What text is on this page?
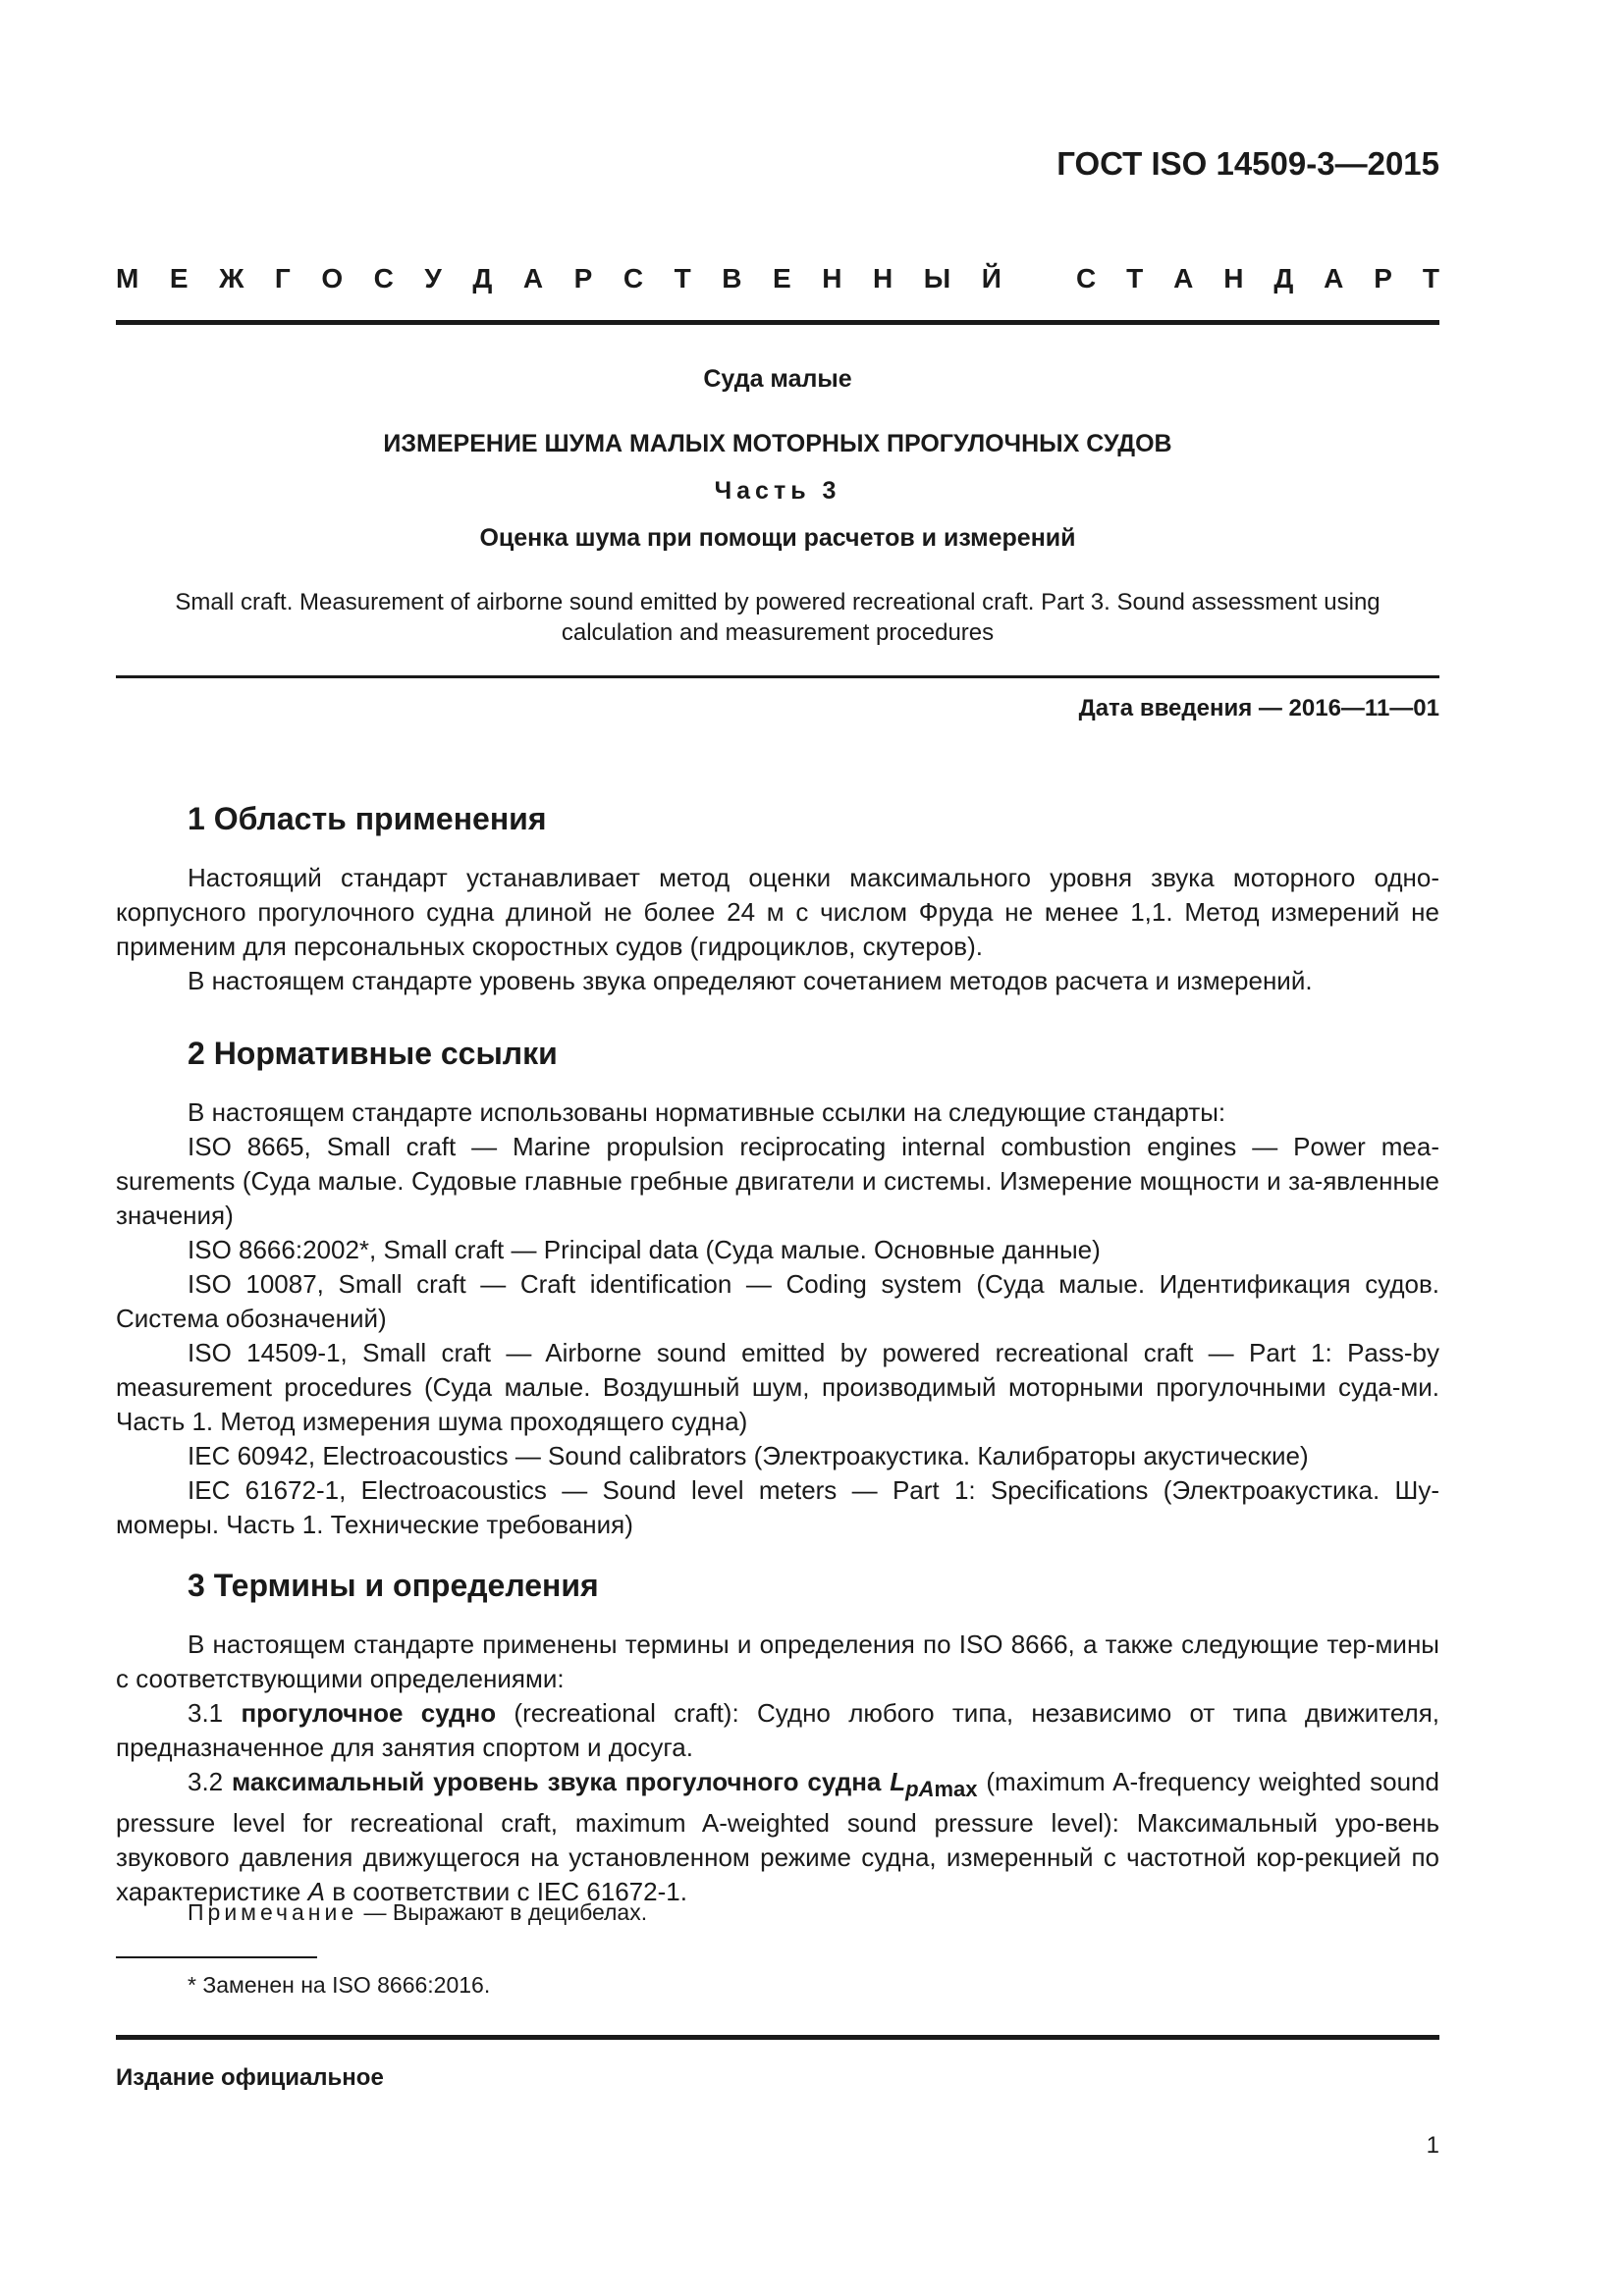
ГОСТ ISO 14509-3—2015
М Е Ж Г О С У Д А Р С Т В Е Н Н Ы Й	С Т А Н Д А Р Т
Суда малые
ИЗМЕРЕНИЕ ШУМА МАЛЫХ МОТОРНЫХ ПРОГУЛОЧНЫХ СУДОВ
Часть 3
Оценка шума при помощи расчетов и измерений
Small craft. Measurement of airborne sound emitted by powered recreational craft. Part 3. Sound assessment using
calculation and measurement procedures
Дата введения — 2016—11—01
1 Область применения

Настоящий стандарт устанавливает метод оценки максимального уровня звука моторного одно-корпусного прогулочного судна длиной не более 24 м с числом Фруда не менее 1,1. Метод измерений не применим для персональных скоростных судов (гидроциклов, скутеров).

В настоящем стандарте уровень звука определяют сочетанием методов расчета и измерений.

2 Нормативные ссылки

В настоящем стандарте использованы нормативные ссылки на следующие стандарты:

ISO 8665, Small craft — Marine propulsion reciprocating internal combustion engines — Power mea-surements (Суда малые. Судовые главные гребные двигатели и системы. Измерение мощности и за-явленные значения)

ISO 8666:2002*, Small craft — Principal data (Суда малые. Основные данные)

ISO 10087, Small craft — Craft identification — Coding system (Суда малые. Идентификация судов. Система обозначений)

ISO 14509-1, Small craft — Airborne sound emitted by powered recreational craft — Part 1: Pass-by measurement procedures (Суда малые. Воздушный шум, производимый моторными прогулочными суда-ми. Часть 1. Метод измерения шума проходящего судна)

IEC 60942, Electroacoustics — Sound calibrators (Электроакустика. Калибраторы акустические)

IEC 61672-1, Electroacoustics — Sound level meters — Part 1: Specifications (Электроакустика. Шу-момеры. Часть 1. Технические требования)

3 Термины и определения

В настоящем стандарте применены термины и определения по ISO 8666, а также следующие тер-мины с соответствующими определениями:

3.1 прогулочное судно (recreational craft): Судно любого типа, независимо от типа движителя, предназначенное для занятия спортом и досуга.

3.2 максимальный уровень звука прогулочного судна $L_{pAmax}$ (maximum A-frequency weighted sound pressure level for recreational craft, maximum A-weighted sound pressure level): Максимальный уро-вень звукового давления движущегося на установленном режиме судна, измеренный с частотной кор-рекцией по характеристике A в соответствии с IEC 61672-1.

Примечание — Выражают в децибелах.
* Заменен на ISO 8666:2016.
Издание официальное
1
